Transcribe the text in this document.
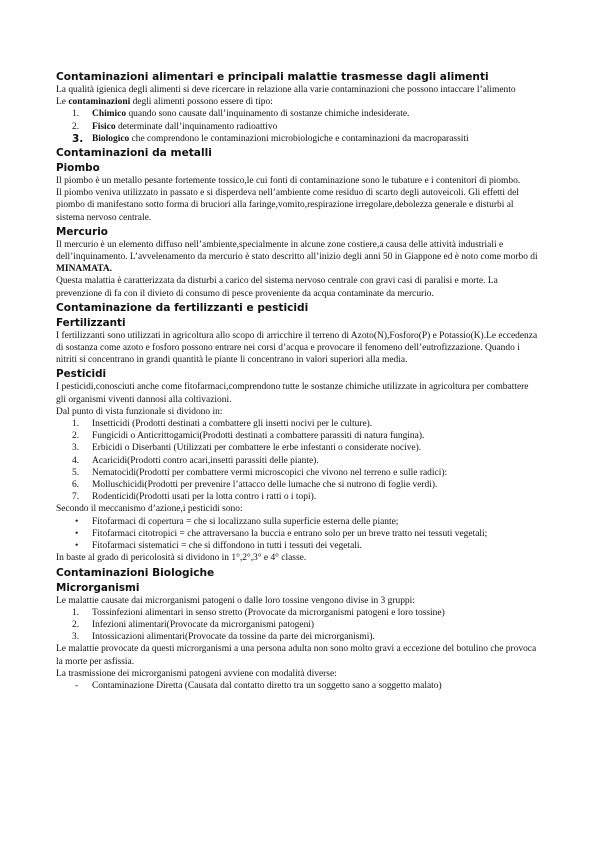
Contaminazioni alimentari e principali malattie trasmesse dagli alimenti

La qualità igienica degli alimenti si deve ricercare in relazione alla varie contaminazioni che possono intaccare l’alimento

Le contaminazioni degli alimenti possono essere di tipo:

1. Chimico quando sono causate dall’inquinamento di sostanze chimiche indesiderate.
2. Fisico determinate dall’inquinamento radioattivo
3. Biologico che comprendono le contaminazioni microbiologiche e contaminazioni da macroparassiti
Contaminazioni da metalli
Piombo

Il piombo è un metallo pesante fortemente tossico,le cui fonti di contaminazione sono le tubature e i contenitori di piombo.

Il piombo veniva utilizzato in passato e si disperdeva nell’ambiente come residuo di scarto degli autoveicoli. Gli effetti del piombo di manifestano sotto forma di bruciori alla faringe,vomito,respirazione irregolare,debolezza generale e disturbi al sistema nervoso centrale.

Mercurio

Il mercurio è un elemento diffuso nell’ambiente,specialmente in alcune zone costiere,a causa delle attività industriali e dell’inquinamento. L’avvelenamento da mercurio è stato descritto all’inizio degli anni 50 in Giappone ed è noto come morbo di MINAMATA.

Questa malattia è caratterizzata da disturbi a carico del sistema nervoso centrale con gravi casi di paralisi e morte. La prevenzione di fa con il divieto di consumo di pesce proveniente da acqua contaminate da mercurio.

Contaminazione da fertilizzanti e pesticidi
Fertilizzanti

I fertilizzanti sono utilizzati in agricoltura allo scopo di arricchire il terreno di Azoto(N),Fosforo(P) e Potassio(K).Le eccedenza di sostanza come azoto e fosforo possono entrare nei corsi d’acqua e provocare il fenomeno dell’eutrofizzazione. Quando i nitriti si concentrano in grandi quantità le piante li concentrano in valori superiori alla media.

Pesticidi

I pesticidi,conosciuti anche come fitofarmaci,comprendono tutte le sostanze chimiche utilizzate in agricoltura per combattere gli organismi viventi dannosi alla coltivazioni.

Dal punto di vista funzionale si dividono in:

1. Insetticidi (Prodotti destinati a combattere gli insetti nocivi per le culture).
2. Fungicidi o Anticrittogamici(Prodotti destinati a combattere parassiti di natura fungina).
3. Erbicidi o Diserbanti (Utilizzati per combattere le erbe infestanti o considerate nocive).
4. Acaricidi(Prodotti contro acari,insetti parassiti delle piante).
5. Nematocidi(Prodotti per combattere vermi microscopici che vivono nel terreno e sulle radici):
6. Molluschicidi(Prodotti per prevenire l’attacco delle lumache che si nutrono di foglie verdi).
7. Rodenticidi(Prodotti usati per la lotta contro i ratti o i topi).

Secondo il meccanismo d’azione,i pesticidi sono:

• Fitofarmaci di copertura = che si localizzano sulla superficie esterna delle piante;
• Fitofarmaci citotropici = che attraversano la buccia e entrano solo per un breve tratto nei tessuti vegetali;
• Fitofarmaci sistematici = che si diffondono in tutti i tessuti dei vegetali.

In baste al grado di pericolosità si dividono in 1°,2°,3° e 4° classe.

Contaminazioni Biologiche
Microrganismi

Le malattie causate dai microrganismi patogeni o dalle loro tossine vengono divise in 3 gruppi:

1. Tossinfezioni alimentari in senso stretto (Provocate da microrganismi patogeni e loro tossine)
2. Infezioni alimentari(Provocate da microrganismi patogeni)
3. Intossicazioni alimentari(Provocate da tossine da parte dei microrganismi).

Le malattie provocate da questi microrganismi a una persona adulta non sono molto gravi a eccezione del botulino che provoca la morte per asfissia.

La trasmissione dei microrganismi patogeni avviene con modalità diverse:

- Contaminazione Diretta (Causata dal contatto diretto tra un soggetto sano a soggetto malato)
